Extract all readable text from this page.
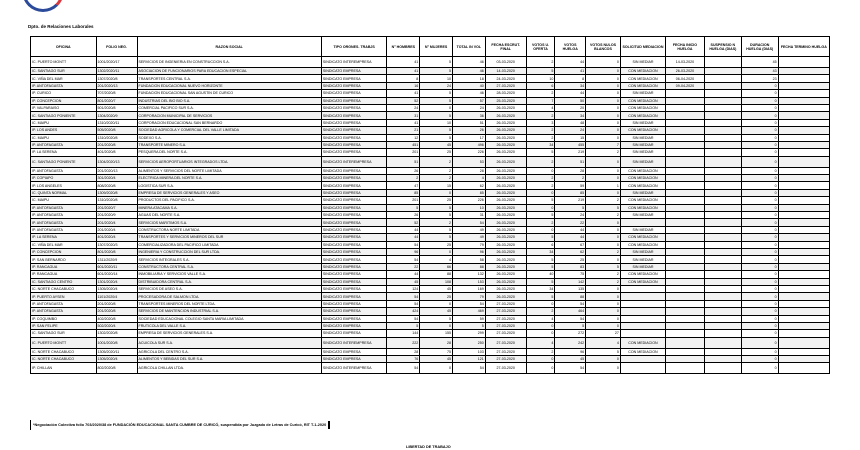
Dpto. de Relaciones Laborales
OFICINA	FOLIO NEG.	RAZON SOCIAL	TIPO ORGNES. TRABJS	N° HOMBRES	N° MUJERES	TOTAL IN VOL	FECHA ESCRUT. FINAL	VOTOS U. OFERTA	VOTOS HUELGA	VOTOS NULOS BLANCOS	SOLICITUD MEDIACION	FECHA INICIO HUELGA	SUSPENSIO N HUELGA (DIAS)	DURACION HUELGA (DIAS)	FECHA TERMINO HUELGA
IC. PUERTO MONTT	1001/2020/17	SERVICIOS DE INGENIERIA EN CONSTRUCCION S.A.	SINDICATO INTEREMPRESA	41	5	46	03-03-2020	2	44	0	SIN MEDIAR	14-03-2020		45	
IC. SANTIAGO SUR	1302/2020/11	ASOCIACION DE FUNCIONARIOS PARA EDUCACION ESPECIAL	SINDICATO EMPRESA	41	5	46	14-03-2020	5	41	0	CON MEDIACION	26-03-2020		43	
IC. VIÑA DEL MAR	1307/2020/8	TRANSPORTES CENTRAL S.A.	SINDICATO EMPRESA	8	10	18	24-03-2020	10	8	0	CON MEDIACION	06-04-2020		23	
IP. ANTOFAGASTA	201/2020/13	FUNDACION EDUCACIONAL NUEVO HORIZONTE	SINDICATO EMPRESA	16	24	40	27-03-2020	6	34	0	CON MEDIACION	09-04-2020		0	
IP. CURICO	707/2020/8	FUNDACION EDUCACIONAL SAN AGUSTIN DE CURICO	SINDICATO EMPRESA	41	5	46	28-03-2020	2	44	0	SIN MEDIAR			0	
IP. CONCEPCION	801/2020/7	INDUSTRIAS DEL BIO BIO S.A.	SINDICATO EMPRESA	52	5	57	25-03-2020	7	50	0	CON MEDIACION			0	
IP. VALPARAISO	501/2020/8	COMERCIAL PACIFICO SUR S.A.	SINDICATO EMPRESA	24	0	24	26-03-2020	4	20	0	CON MEDIACION			0	
IC. SANTIAGO PONIENTE	1304/2020/9	CORPORACION MUNICIPAL DE SERVICIOS	SINDICATO EMPRESA	31	5	36	26-03-2020	2	34	0	CON MEDIACION			0	
IC. MAIPU	1310/2020/11	CORPORACION EDUCACIONAL SAN BERNARDO	SINDICATO EMPRESA	41	10	51	26-03-2020	3	48	0	SIN MEDIAR			0	
IP. LOS ANDES	505/2020/8	SOCIEDAD AGRICOLA Y COMERCIAL DEL VALLE LIMITADA	SINDICATO EMPRESA	21	5	26	26-03-2020	2	24	0	CON MEDIACION			0	
IC. MAIPU	1310/2020/8	SODEXO S.A.	SINDICATO EMPRESA	12	5	17	26-03-2020	2	15	0	SIN MEDIAR			0	
IP. ANTOFAGASTA	201/2020/8	TRANSPORTE MINERO S.A.	SINDICATO EMPRESA	451	45	496	26-03-2020	34	455	7	SIN MEDIAR			0	
IP. LA SERENA	401/2020/8	PESQUERA DEL NORTE S.A.	SINDICATO EMPRESA	201	25	226	26-03-2020	5	219	2	SIN MEDIAR			0	
IC. SANTIAGO PONIENTE	1304/2020/13	SERVICIOS AEROPORTUARIOS INTEGRADOS LTDA.	SINDICATO INTEREMPRESA	51	2	53	26-03-2020	2	51	0	SIN MEDIAR			0	
IP. ANTOFAGASTA	201/2020/13	ALIMENTOS Y SERVICIOS DEL NORTE LIMITADA	SINDICATO EMPRESA	26	2	28	26-03-2020	0	28	0	CON MEDIACION			0	
IP. COPIAPO	301/2020/4	ELECTRICA MINERA DEL NORTE S.A.	SINDICATO EMPRESA	2	2	4	26-03-2020	2	2	0	CON MEDIACION			0	
IP. LOS ANGELES	808/2020/8	LOGISTICA SUR S.A.	SINDICATO EMPRESA	47	15	62	26-03-2020	2	59	1	CON MEDIACION			0	
IC. QUINTA NORMAL	1309/2020/8	EMPRESA DE SERVICIOS GENERALES Y ASEO	SINDICATO EMPRESA	85	0	85	26-03-2020	0	85	0	SIN MEDIAR			0	
IC. MAIPU	1310/2020/8	PRODUCTOS DEL PACIFICO S.A.	SINDICATO EMPRESA	201	25	226	26-03-2020	5	219	2	CON MEDIACION			0	
IP. ANTOFAGASTA	201/2020/7	MINERA ATACAMA S.A.	SINDICATO EMPRESA	5	5	10	26-03-2020	0	5	5	CON MEDIACION			0	
IP. ANTOFAGASTA	201/2020/9	AGUAS DEL NORTE S.A.	SINDICATO EMPRESA	26	5	31	26-03-2020	5	24	2	SIN MEDIAR			0	
IP. ANTOFAGASTA	201/2020/4	SERVICIOS MARITIMOS S.A.	SINDICATO EMPRESA	52	2	54	26-03-2020	2	22	0				0	
IP. ANTOFAGASTA	201/2020/4	CONSTRUCTORA NORTE LIMITADA	SINDICATO EMPRESA	44	5	49	26-03-2020	0	44	0	SIN MEDIAR			0	
IP. LA SERENA	401/2020/4	TRANSPORTES Y SERVICIOS MINEROS DEL SUR	SINDICATO EMPRESA	44	5	49	26-03-2020	5	44	0	CON MEDIACION			0	
IC. VIÑA DEL MAR	1307/2020/3	COMERCIALIZADORA DEL PACIFICO LIMITADA	SINDICATO EMPRESA	54	25	79	26-03-2020	6	67	0	CON MEDIACION			0	
IP. CONCEPCION	801/2020/8	INGENIERIA Y CONSTRUCCION DEL SUR LTDA.	SINDICATO EMPRESA	96	0	96	26-03-2020	34	62	2	SIN MEDIAR			0	
IP. SAN BERNARDO	1311/2020/9	SERVICIOS INTEGRALES S.A.	SINDICATO EMPRESA	54	4	58	26-03-2020	5	25	0	SIN MEDIAR			0	
IP. RANCAGUA	601/2020/11	CONSTRUCTORA CENTRAL S.A.	SINDICATO EMPRESA	22	66	88	26-03-2020	5	83	5	SIN MEDIAR			0	
IP. RANCAGUA	601/2020/14	INMOBILIARIA Y SERVICIOS VALLE S.A.	SINDICATO EMPRESA	44	88	132	26-03-2020	40	75	2	CON MEDIACION			0	
IC. SANTIAGO CENTRO	1301/2020/4	DISTRIBUIDORA CENTRAL S.A.	SINDICATO EMPRESA	45	108	153	26-03-2020	5	142	2	CON MEDIACION			0	
IC. NORTE CHACABUCO	1305/2020/4	SERVICIOS DE ASEO S.A.	SINDICATO EMPRESA	124	45	169	26-03-2020	34	135	0				0	
IP. PUERTO AYSEN	1101/2020/4	PROCESADORA DE SALMON LTDA.	SINDICATO EMPRESA	54	25	79	26-03-2020	5	88	0				0	
IP. ANTOFAGASTA	201/2020/8	TRANSPORTES MINEROS DEL NORTE LTDA.	SINDICATO EMPRESA	54	0	54	27-03-2020	0	54	0				0	
IP. ANTOFAGASTA	201/2020/8	SERVICIOS DE MANTENCION INDUSTRIAL S.A.	SINDICATO EMPRESA	424	45	469	27-03-2020	2	464	0				0	
IP. COQUIMBO	402/2020/8	SOCIEDAD EDUCACIONAL COLEGIO SANTA MARIA LIMITADA	SINDICATO EMPRESA	54	5	59	27-03-2020	4	54	0				0	
IP. SAN FELIPE	502/2020/4	FRUTICOLA DEL VALLE S.A.	SINDICATO EMPRESA	5	0	5	27-03-2020	0	5	0				0	
IC. SANTIAGO SUR	1302/2020/8	EMPRESA DE SERVICIOS GENERALES S.A.	SINDICATO EMPRESA	144	155	299	27-03-2020	0	272	27				0	
IC. PUERTO MONTT	1001/2020/8	ACUICOLA SUR S.A.	SINDICATO INTEREMPRESA	222	28	250	27-03-2020	4	242	4	CON MEDIACION			0	
IC. NORTE CHACABUCO	1305/2020/11	AGRICOLA DEL CENTRO S.A.	SINDICATO EMPRESA	28	75	103	27-03-2020	2	96	5	CON MEDIACION			0	
IC. NORTE CHACABUCO	1305/2020/4	ALIMENTOS Y BEBIDAS DEL SUR S.A.	SINDICATO EMPRESA	76	45	121	27-03-2020	0	45	0				0	
IP. CHILLAN	802/2020/8	AGRICOLA CHILLAN LTDA.	SINDICATO INTEREMPRESA	54	0	54	27-03-2020	0	54	0				0	
*Negociación Colectiva folio 703/2020/38 de FUNDACIÓN EDUCACIONAL SANTA CUMBRE DE CURICÓ, suspendida por Juzgado de Letras de Curicó, RIT T-1-2020
LIBERTAD DE TRABAJO
